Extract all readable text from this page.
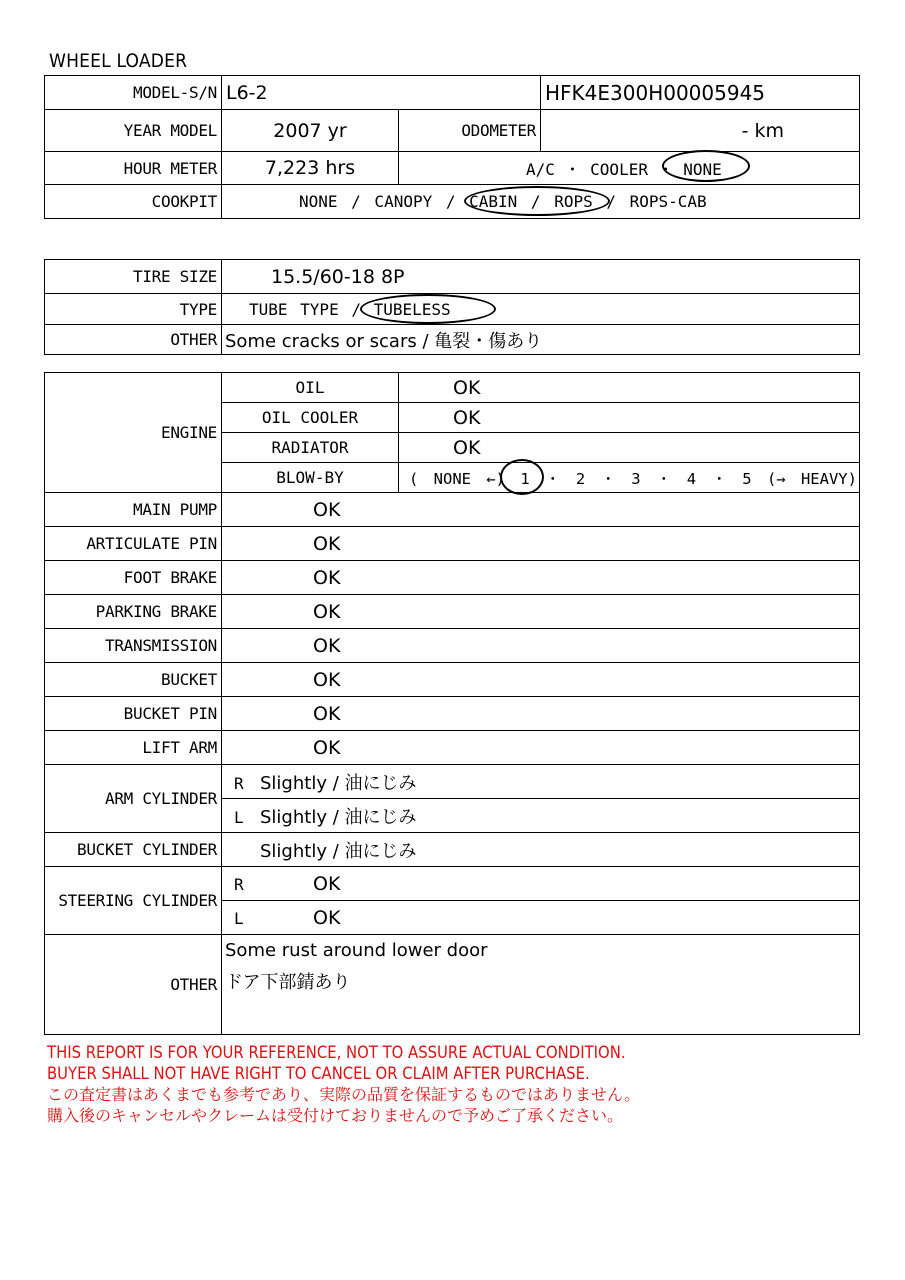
WHEEL LOADER
MODEL-S/N	L6-2		HFK4E300H00005945
YEAR MODEL	2007 yr	ODOMETER	- km
HOUR METER	7,223 hrs	A/C ・ COOLER ・ NONE	
COOKPIT	NONE / CANOPY / CABIN / ROPS / ROPS-CAB		
TIRE SIZE	15.5/60-18 8P
TYPE	TUBE TYPE / TUBELESS
OTHER	Some cracks or scars / 亀裂・傷あり
ENGINE	OIL	OK
	OIL COOLER	OK
	RADIATOR	OK
	BLOW-BY	( NONE ←) 1 ・ 2 ・ 3 ・ 4 ・ 5 (→ HEAVY)
MAIN PUMP	OK	
ARTICULATE PIN	OK	
FOOT BRAKE	OK	
PARKING BRAKE	OK	
TRANSMISSION	OK	
BUCKET	OK	
BUCKET PIN	OK	
LIFT ARM	OK	
ARM CYLINDER	R Slightly / 油にじみ	
	L Slightly / 油にじみ	
BUCKET CYLINDER	Slightly / 油にじみ	
STEERING CYLINDER	R OK	
	L OK	
OTHER	Some rust around lower door
ドア下部錆あり	
THIS REPORT IS FOR YOUR REFERENCE, NOT TO ASSURE ACTUAL CONDITION.
BUYER SHALL NOT HAVE RIGHT TO CANCEL OR CLAIM AFTER PURCHASE.
この査定書はあくまでも参考であり、実際の品質を保証するものではありません。
購入後のキャンセルやクレームは受付けておりませんので予めご了承ください。
